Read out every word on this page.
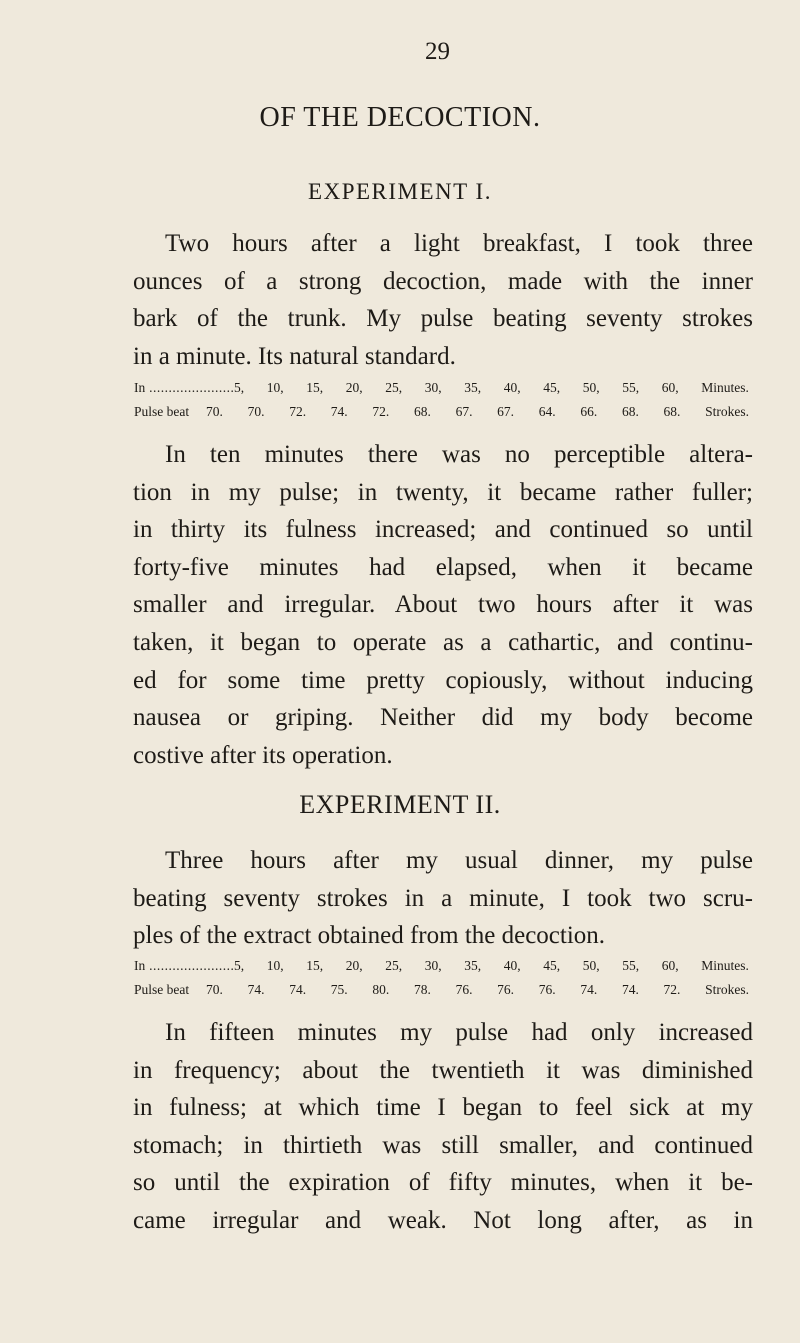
29
OF THE DECOCTION.
EXPERIMENT I.

Two hours after a light breakfast, I took three
ounces of a strong decoction, made with the inner
bark of the trunk. My pulse beating seventy strokes
in a minute. Its natural standard.

In .....	5, 10, 15, 20, 25, 30, 35, 40, 45, 50, 55, 60, Minutes.
Pulse beat	70. 70. 72. 74. 72. 68. 67. 67. 64. 66. 68. 68. Strokes.

In ten minutes there was no perceptible altera-
tion in my pulse; in twenty, it became rather fuller;
in thirty its fulness increased; and continued so until
forty-five minutes had elapsed, when it became
smaller and irregular. About two hours after it was
taken, it began to operate as a cathartic, and continu-
ed for some time pretty copiously, without inducing
nausea or griping. Neither did my body become
costive after its operation.

EXPERIMENT II.

Three hours after my usual dinner, my pulse
beating seventy strokes in a minute, I took two scru-
ples of the extract obtained from the decoction.

In .....	5, 10, 15, 20, 25, 30, 35, 40, 45, 50, 55, 60, Minutes.
Pulse beat	70. 74. 74. 75. 80. 78. 76. 76. 76. 74. 74. 72. Strokes.

In fifteen minutes my pulse had only increased
in frequency; about the twentieth it was diminished
in fulness; at which time I began to feel sick at my
stomach; in thirtieth was still smaller, and continued
so until the expiration of fifty minutes, when it be-
came irregular and weak. Not long after, as in
